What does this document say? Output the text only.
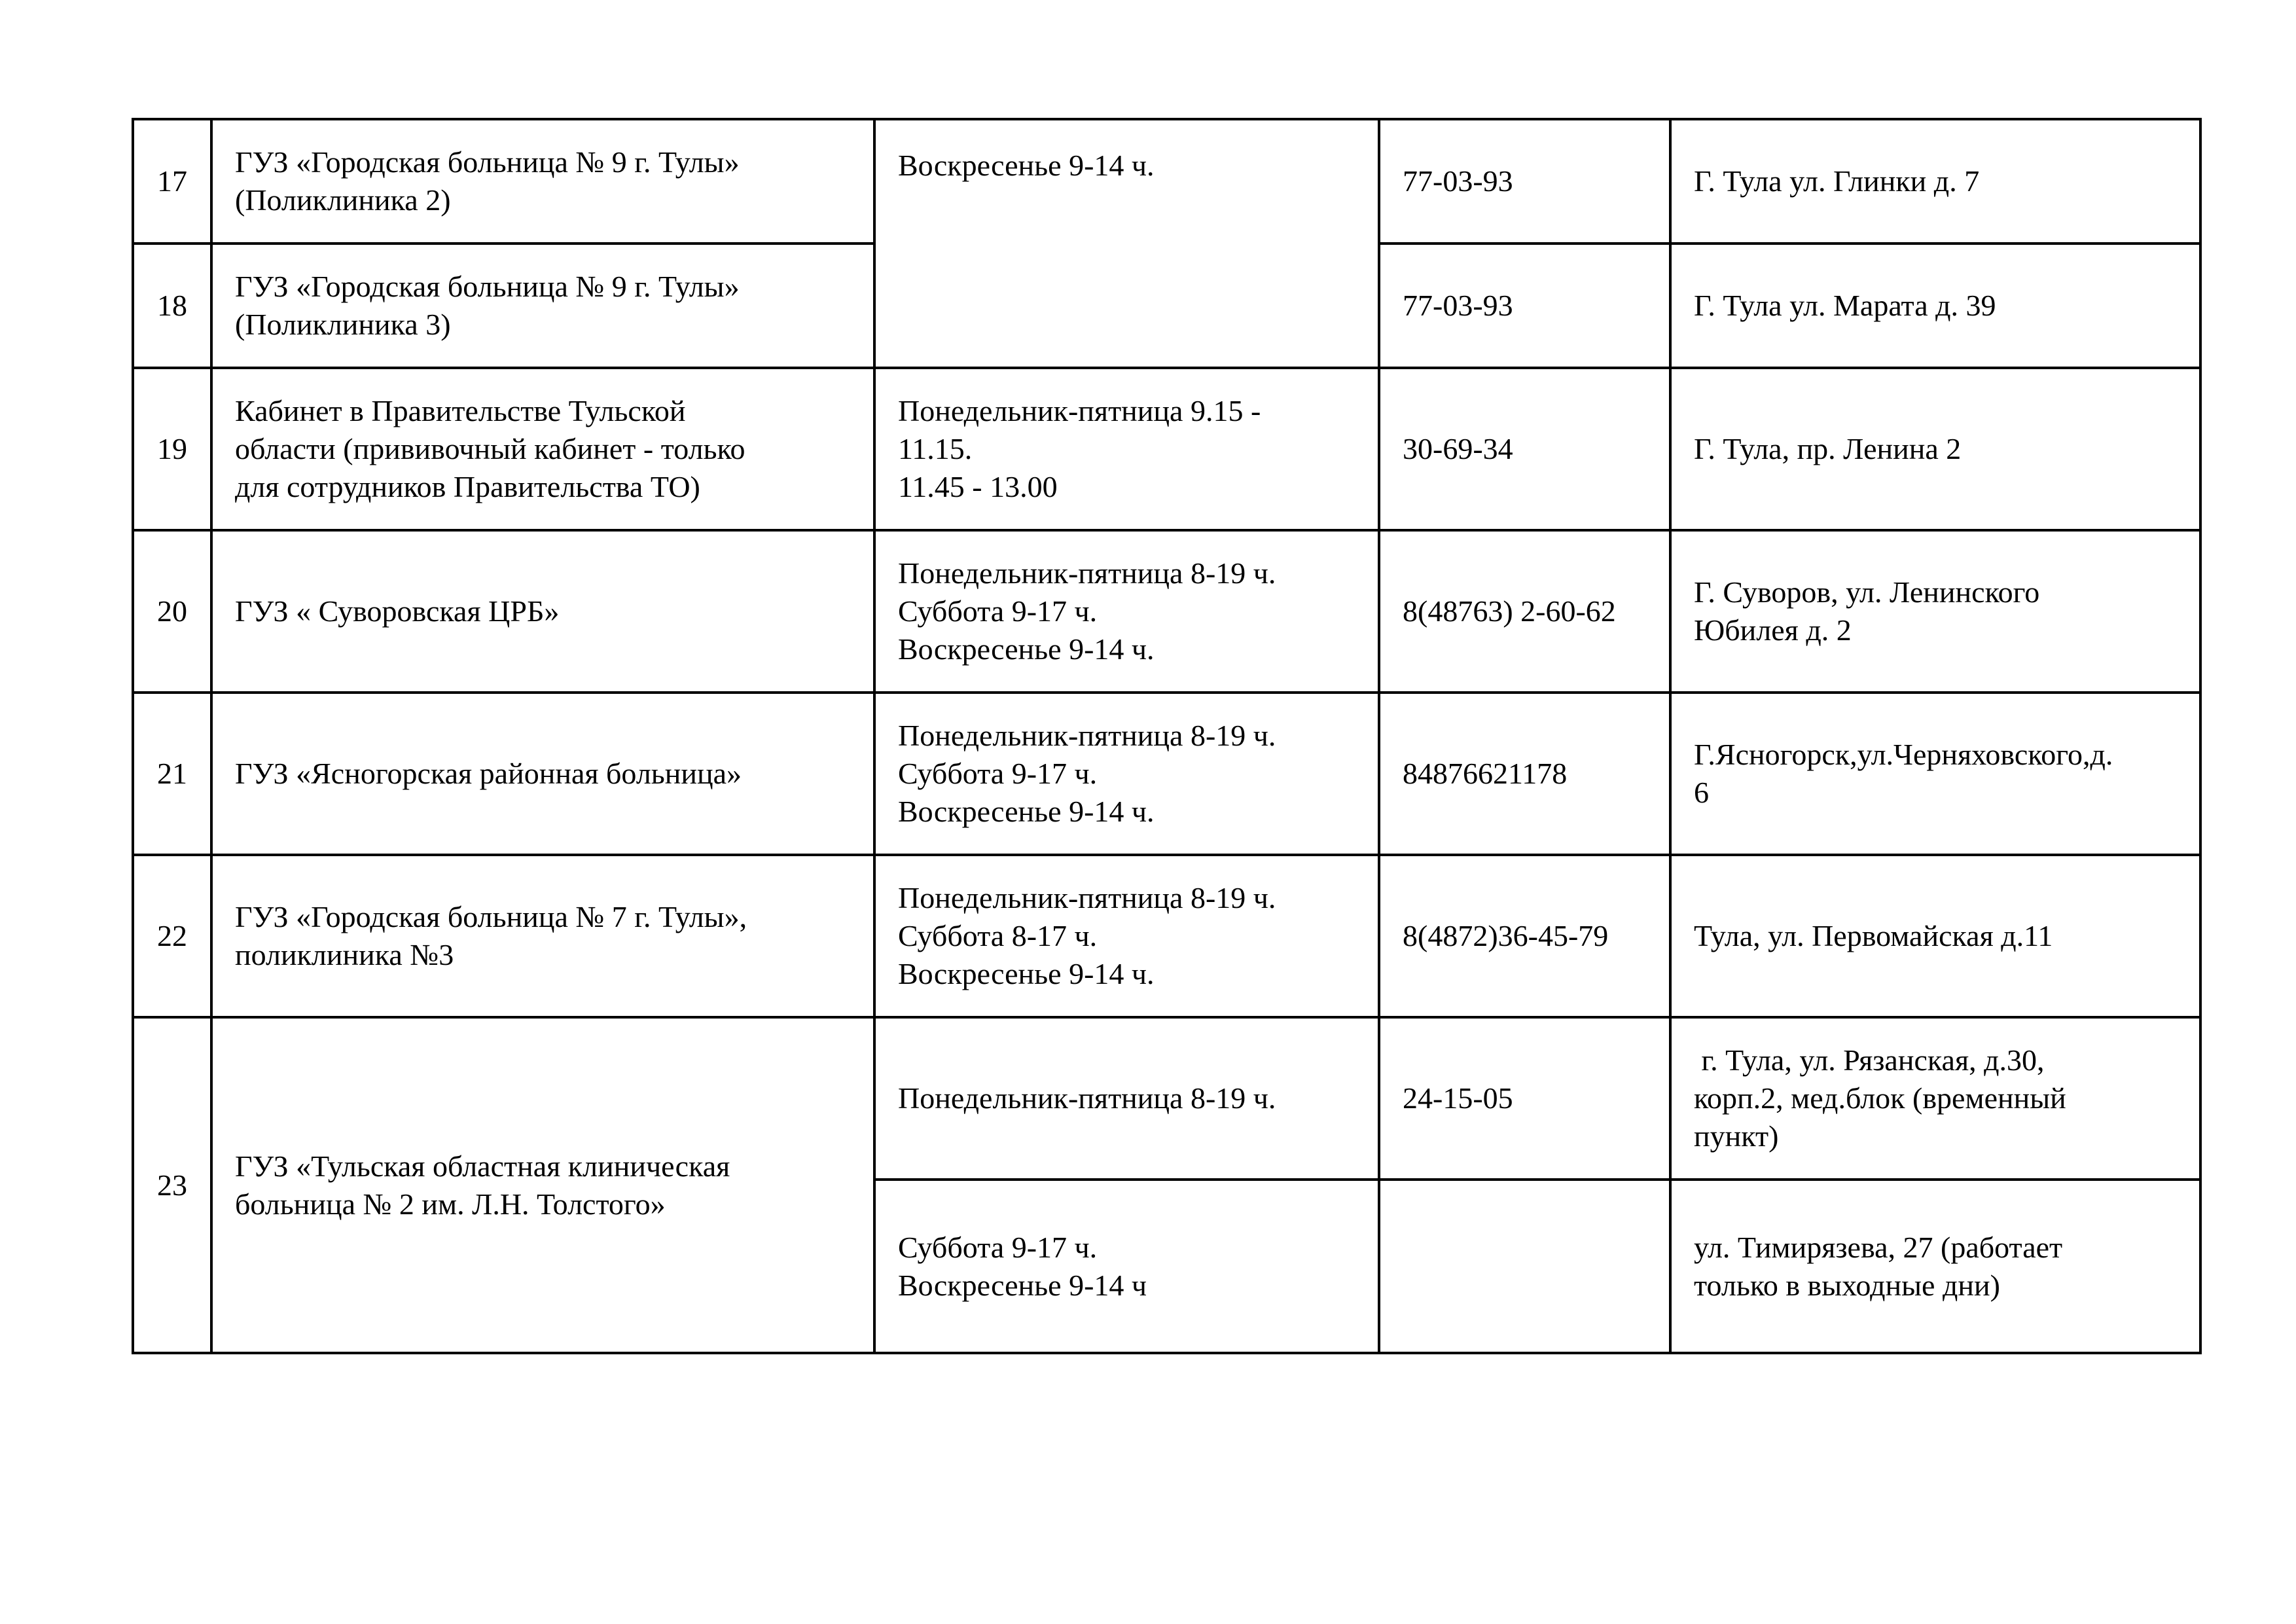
17	ГУЗ «Городская больница № 9 г. Тулы»
(Поликлиника 2)	Воскресенье 9-14 ч.	77-03-93	Г. Тула ул. Глинки д. 7

18	ГУЗ «Городская больница № 9 г. Тулы»
(Поликлиника 3)		77-03-93	Г. Тула ул. Марата д. 39

19	Кабинет в Правительстве Тульской
области (прививочный кабинет - только
для сотрудников Правительства ТО)	Понедельник-пятница 9.15 -
11.15.
11.45 - 13.00	30-69-34	Г. Тула, пр. Ленина 2

20	ГУЗ « Суворовская ЦРБ»	Понедельник-пятница 8-19 ч.
Суббота 9-17 ч.
Воскресенье 9-14 ч.	8(48763) 2-60-62	Г. Суворов, ул. Ленинского
Юбилея д. 2

21	ГУЗ «Ясногорская районная больница»	Понедельник-пятница 8-19 ч.
Суббота 9-17 ч.
Воскресенье 9-14 ч.	84876621178	Г.Ясногорск,ул.Черняховского,д.
6

22	ГУЗ «Городская больница № 7 г. Тулы»,
поликлиника №3	Понедельник-пятница 8-19 ч.
Суббота 8-17 ч.
Воскресенье 9-14 ч.	8(4872)36-45-79	Тула, ул. Первомайская д.11

23	ГУЗ «Тульская областная клиническая
больница № 2 им. Л.Н. Толстого»	Понедельник-пятница 8-19 ч.	24-15-05	г. Тула, ул. Рязанская, д.30,
корп.2, мед.блок (временный
пункт)

		Суббота 9-17 ч.
Воскресенье 9-14 ч		ул. Тимирязева, 27 (работает
только в выходные дни)
